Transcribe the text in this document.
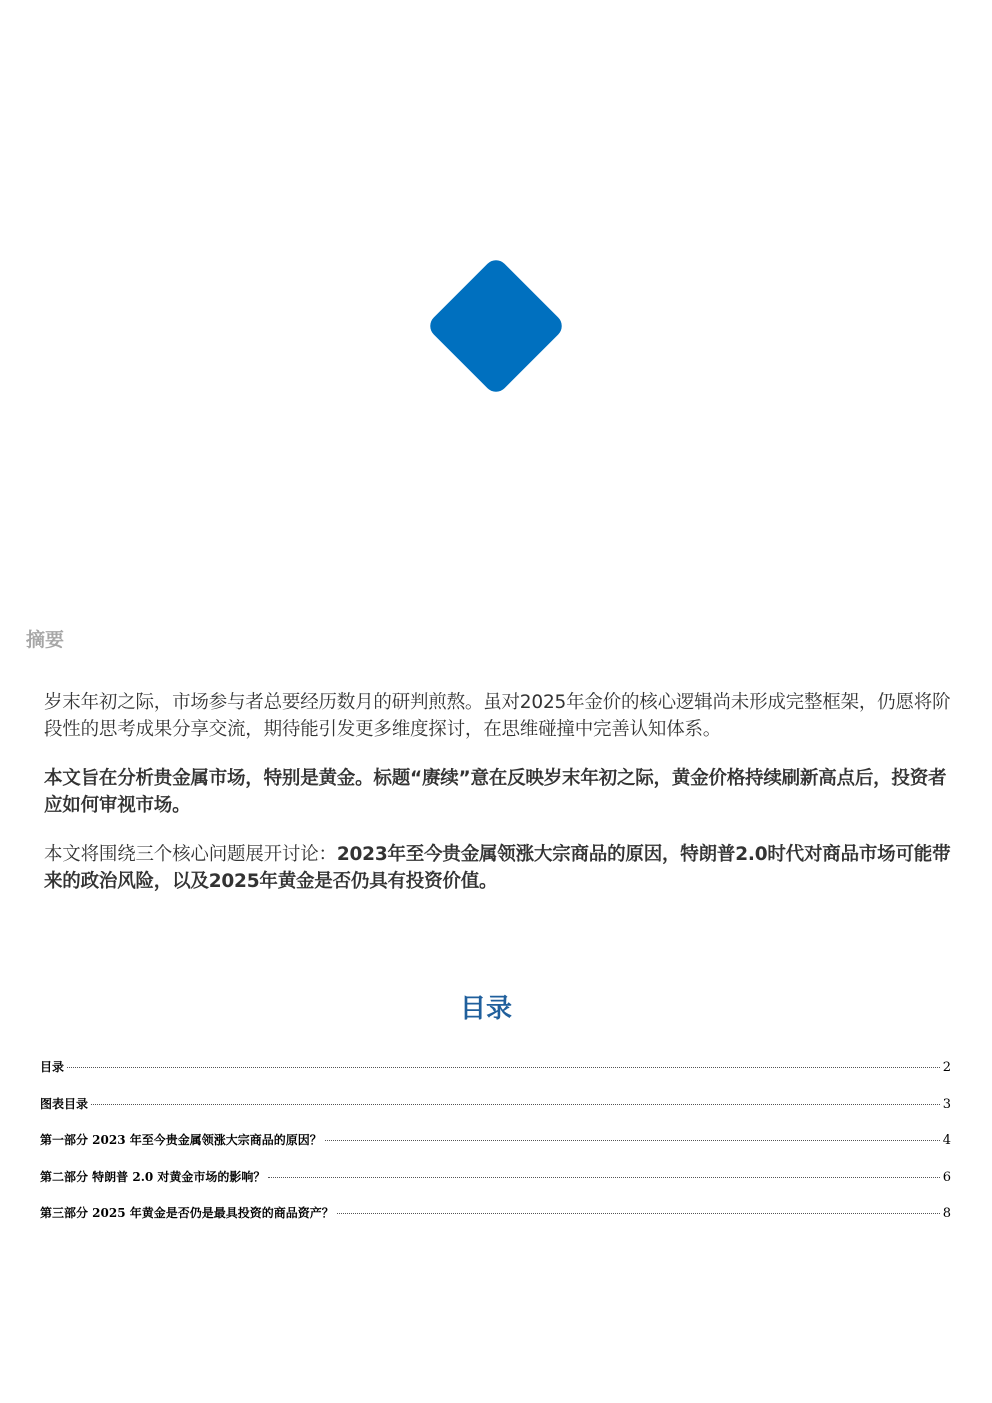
摘要

岁末年初之际，市场参与者总要经历数月的研判煎熬。虽对2025年金价的核心逻辑尚未形成完整框架，仍愿将阶段性的思考成果分享交流，期待能引发更多维度探讨，在思维碰撞中完善认知体系。

本文旨在分析贵金属市场，特别是黄金。标题“赓续”意在反映岁末年初之际，黄金价格持续刷新高点后，投资者应如何审视市场。

本文将围绕三个核心问题展开讨论：2023年至今贵金属领涨大宗商品的原因，特朗普2.0时代对商品市场可能带来的政治风险，以及2025年黄金是否仍具有投资价值。

目录
目录	2
图表目录	3
第一部分 2023 年至今贵金属领涨大宗商品的原因？	4
第二部分 特朗普 2.0 对黄金市场的影响？	6
第三部分 2025 年黄金是否仍是最具投资的商品资产？	8
